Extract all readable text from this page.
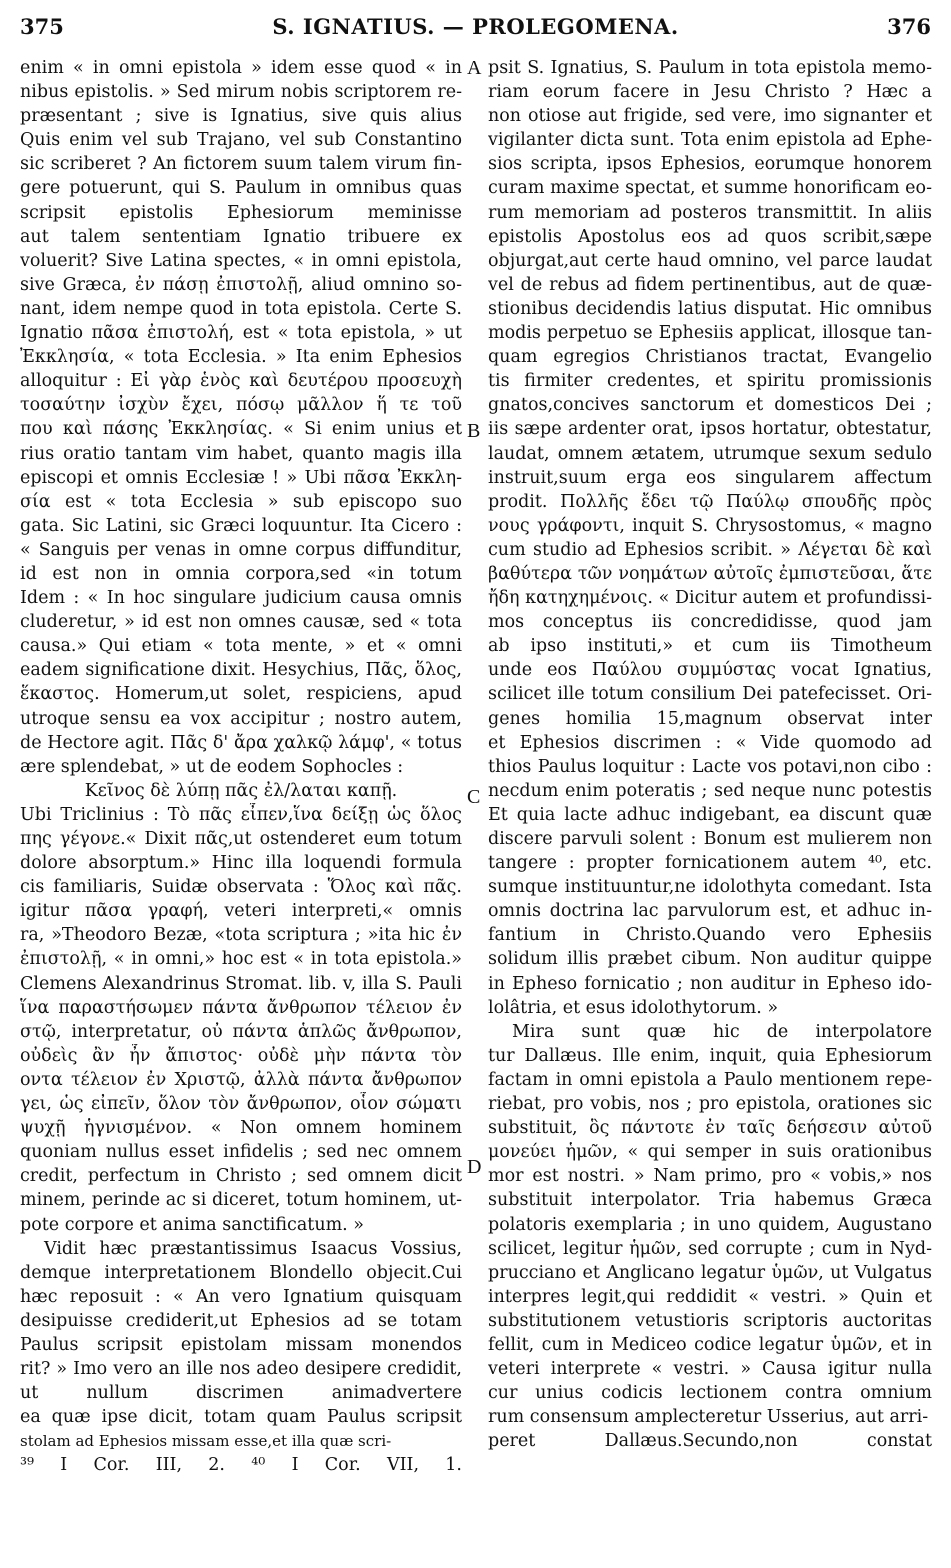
375	S. IGNATIUS. — PROLEGOMENA.	376
A
B
C
D
enim « in omni epistola » idem esse quod « in
nibus epistolis. » Sed mirum nobis scriptorem re-
præsentant ; sive is Ignatius, sive quis alius
Quis enim vel sub Trajano, vel sub Constantino
sic scriberet ? An fictorem suum talem virum fin-
gere potuerunt, qui S. Paulum in omnibus quas
scripsit epistolis Ephesiorum meminisse
aut talem sententiam Ignatio tribuere ex
voluerit? Sive Latina spectes, « in omni epistola,
sive Græca, ἐν πάσῃ ἐπιστολῇ, aliud omnino so-
nant, idem nempe quod in tota epistola. Certe S.
Ignatio πᾶσα ἐπιστολή, est « tota epistola, » ut
Ἐκκλησία, « tota Ecclesia. » Ita enim Ephesios
alloquitur : Εἰ γὰρ ἑνὸς καὶ δευτέρου προσευχὴ
τοσαύτην ἰσχὺν ἔχει, πόσῳ μᾶλλον ἥ τε τοῦ
που καὶ πάσης Ἐκκλησίας. « Si enim unius et
rius oratio tantam vim habet, quanto magis illa
episcopi et omnis Ecclesiæ ! » Ubi πᾶσα Ἐκκλη-
σία est « tota Ecclesia » sub episcopo suo
gata. Sic Latini, sic Græci loquuntur. Ita Cicero :
« Sanguis per venas in omne corpus diffunditur,
id est non in omnia corpora,sed «in totum
Idem : « In hoc singulare judicium causa omnis
cluderetur, » id est non omnes causæ, sed « tota
causa.» Qui etiam « tota mente, » et « omni
eadem significatione dixit. Hesychius, Πᾶς, ὅλος,
ἕκαστος. Homerum,ut solet, respiciens, apud
utroque sensu ea vox accipitur ; nostro autem,
de Hectore agit. Πᾶς δ' ἄρα χαλκῷ λάμφ', « totus
ære splendebat, » ut de eodem Sophocles :
Κεῖνος δὲ λύπῃ πᾶς ἐλ/λαται καπῇ.
Ubi Triclinius : Τὸ πᾶς εἶπεν,ἵνα δείξῃ ὡς ὅλος
πης γέγονε.« Dixit πᾶς,ut ostenderet eum totum
dolore absorptum.» Hinc illa loquendi formula
cis familiaris, Suidæ observata : Ὅλος καὶ πᾶς.
igitur πᾶσα γραφή, veteri interpreti,« omnis
ra, »Theodoro Bezæ, «tota scriptura ; »ita hic ἐν
ἐπιστολῇ, « in omni,» hoc est « in tota epistola.»
Clemens Alexandrinus Stromat. lib. v, illa S. Pauli
ἵνα παραστήσωμεν πάντα ἄνθρωπον τέλειον ἐν
στῷ, interpretatur, οὐ πάντα ἁπλῶς ἄνθρωπον,
οὐδεὶς ἂν ἦν ἄπιστος· οὐδὲ μὴν πάντα τὸν
οντα τέλειον ἐν Χριστῷ, ἀλλὰ πάντα ἄνθρωπον
γει, ὡς εἰπεῖν, ὅλον τὸν ἄνθρωπον, οἷον σώματι
ψυχῇ ἡγνισμένον. « Non omnem hominem
quoniam nullus esset infidelis ; sed nec omnem
credit, perfectum in Christo ; sed omnem dicit
minem, perinde ac si diceret, totum hominem, ut-
pote corpore et anima sanctificatum. »
Vidit hæc præstantissimus Isaacus Vossius,
demque interpretationem Blondello objecit.Cui
hæc reposuit : « An vero Ignatium quisquam
desipuisse crediderit,ut Ephesios ad se totam
Paulus scripsit epistolam missam monendos
rit? » Imo vero an ille nos adeo desipere credidit,
ut nullum discrimen animadvertere
ea quæ ipse dicit, totam quam Paulus scripsit
stolam ad Ephesios missam esse,et illa quæ scri-
³⁹ I Cor. III, 2. ⁴⁰ I Cor. VII, 1.
psit S. Ignatius, S. Paulum in tota epistola memo-
riam eorum facere in Jesu Christo ? Hæc a
non otiose aut frigide, sed vere, imo signanter et
vigilanter dicta sunt. Tota enim epistola ad Ephe-
sios scripta, ipsos Ephesios, eorumque honorem
curam maxime spectat, et summe honorificam eo-
rum memoriam ad posteros transmittit. In aliis
epistolis Apostolus eos ad quos scribit,sæpe
objurgat,aut certe haud omnino, vel parce laudat
vel de rebus ad fidem pertinentibus, aut de quæ-
stionibus decidendis latius disputat. Hic omnibus
modis perpetuo se Ephesiis applicat, illosque tan-
quam egregios Christianos tractat, Evangelio
tis firmiter credentes, et spiritu promissionis
gnatos,concives sanctorum et domesticos Dei ;
iis sæpe ardenter orat, ipsos hortatur, obtestatur,
laudat, omnem ætatem, utrumque sexum sedulo
instruit,suum erga eos singularem affectum
prodit. Πολλῆς ἔδει τῷ Παύλῳ σπουδῆς πρὸς
νους γράφοντι, inquit S. Chrysostomus, « magno
cum studio ad Ephesios scribit. » Λέγεται δὲ καὶ
βαθύτερα τῶν νοημάτων αὐτοῖς ἐμπιστεῦσαι, ἅτε
ἤδη κατηχημένοις. « Dicitur autem et profundissi-
mos conceptus iis concredidisse, quod jam
ab ipso instituti,» et cum iis Timotheum
unde eos Παύλου συμμύστας vocat Ignatius,
scilicet ille totum consilium Dei patefecisset. Ori-
genes homilia 15,magnum observat inter
et Ephesios discrimen : « Vide quomodo ad
thios Paulus loquitur : Lacte vos potavi,non cibo :
necdum enim poteratis ; sed neque nunc potestis
Et quia lacte adhuc indigebant, ea discunt quæ
discere parvuli solent : Bonum est mulierem non
tangere : propter fornicationem autem ⁴⁰, etc.
sumque instituuntur,ne idolothyta comedant. Ista
omnis doctrina lac parvulorum est, et adhuc in-
fantium in Christo.Quando vero Ephesiis
solidum illis præbet cibum. Non auditur quippe
in Epheso fornicatio ; non auditur in Epheso ido-
lolâtria, et esus idolothytorum. »
Mira sunt quæ hic de interpolatore
tur Dallæus. Ille enim, inquit, quia Ephesiorum
factam in omni epistola a Paulo mentionem repe-
riebat, pro vobis, nos ; pro epistola, orationes sic
substituit, ὃς πάντοτε ἐν ταῖς δεήσεσιν αὐτοῦ
μονεύει ἡμῶν, « qui semper in suis orationibus
mor est nostri. » Nam primo, pro « vobis,» nos
substituit interpolator. Tria habemus Græca
polatoris exemplaria ; in uno quidem, Augustano
scilicet, legitur ἡμῶν, sed corrupte ; cum in Nyd-
prucciano et Anglicano legatur ὑμῶν, ut Vulgatus
interpres legit,qui reddidit « vestri. » Quin et
substitutionem vetustioris scriptoris auctoritas
fellit, cum in Mediceo codice legatur ὑμῶν, et in
veteri interprete « vestri. » Causa igitur nulla
cur unius codicis lectionem contra omnium
rum consensum amplecteretur Usserius, aut arri-
peret Dallæus.Secundo,non constat
